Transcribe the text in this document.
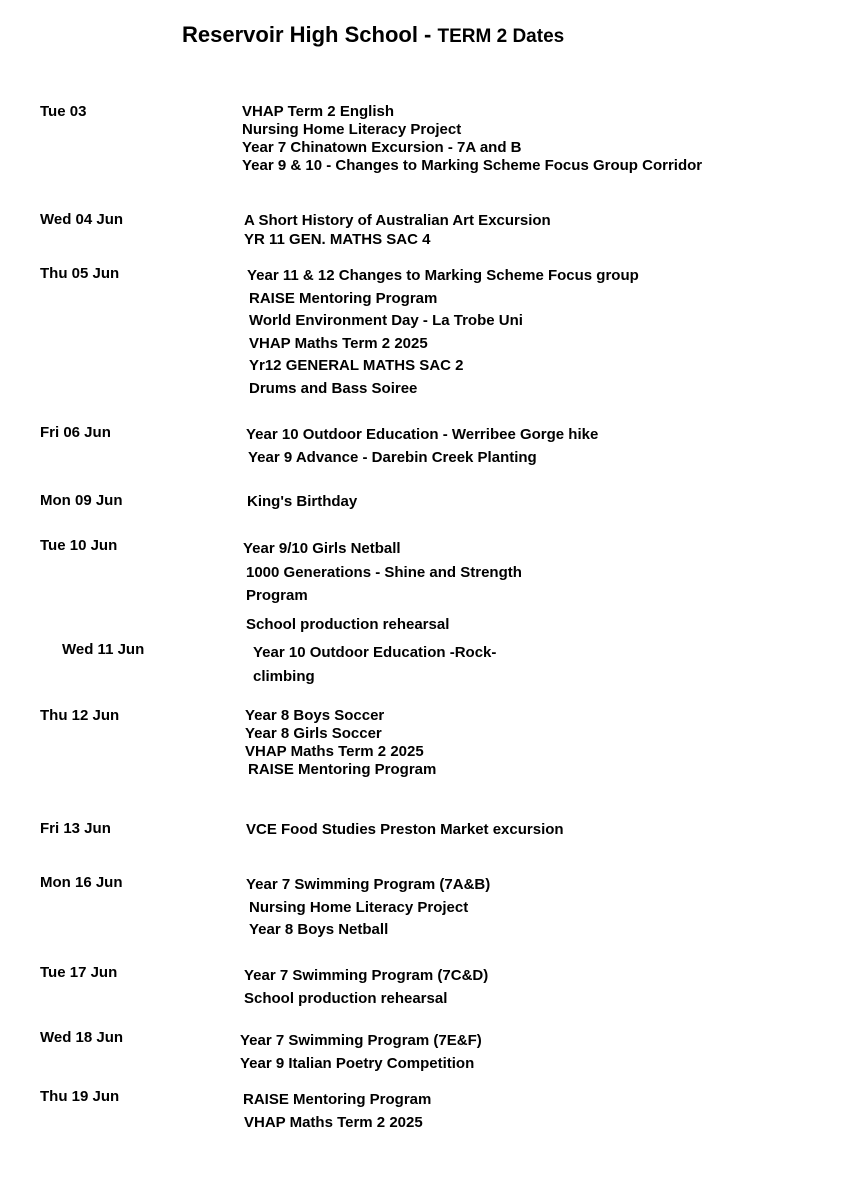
Reservoir High School - TERM 2 Dates
Tue 03	VHAP Term 2 English
Nursing Home Literacy Project
Year 7 Chinatown Excursion - 7A and B
Year 9 & 10 - Changes to Marking Scheme Focus Group Corridor
Wed 04 Jun	A Short History of Australian Art Excursion
YR 11 GEN. MATHS SAC 4
Thu 05 Jun	Year 11 & 12 Changes to Marking Scheme Focus group
RAISE Mentoring Program
World Environment Day - La Trobe Uni
VHAP Maths Term 2 2025
Yr12 GENERAL MATHS SAC 2
Drums and Bass Soiree
Fri 06 Jun	Year 10 Outdoor Education - Werribee Gorge hike
Year 9 Advance - Darebin Creek Planting
Mon 09 Jun	King's Birthday
Tue 10 Jun	Year 9/10 Girls Netball
1000 Generations - Shine and Strength
Program
School production rehearsal
Wed 11 Jun	Year 10 Outdoor Education -Rock-
climbing
Thu 12 Jun	Year 8 Boys Soccer
Year 8 Girls Soccer
VHAP Maths Term 2 2025
RAISE Mentoring Program
Fri 13 Jun	VCE Food Studies Preston Market excursion
Mon 16 Jun	Year 7 Swimming Program (7A&B)
Nursing Home Literacy Project
Year 8 Boys Netball
Tue 17 Jun	Year 7 Swimming Program (7C&D)
School production rehearsal
Wed 18 Jun	Year 7 Swimming Program (7E&F)
Year 9 Italian Poetry Competition
Thu 19 Jun	RAISE Mentoring Program
VHAP Maths Term 2 2025
